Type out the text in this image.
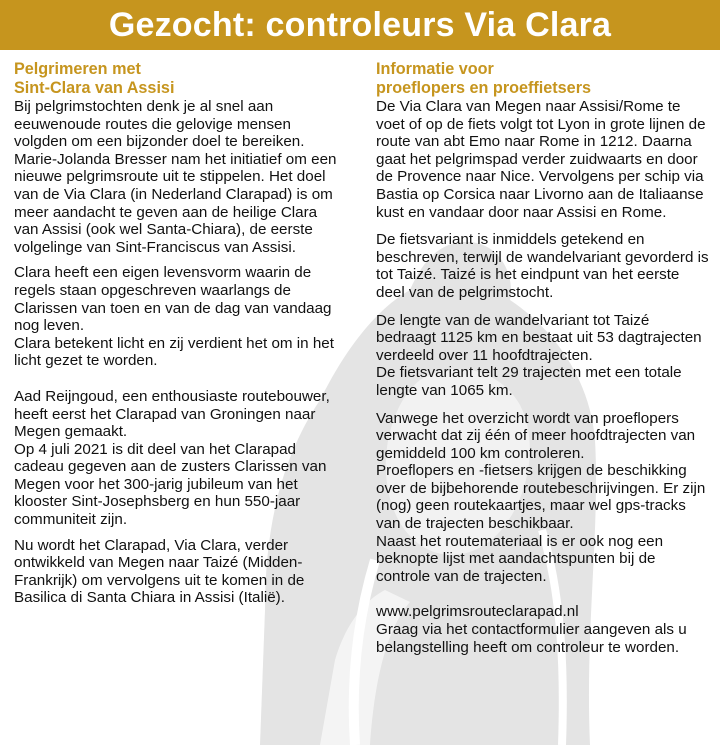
Gezocht: controleurs Via Clara
Pelgrimeren met
Sint-Clara van Assisi

Bij pelgrimstochten denk je al snel aan eeuwenoude routes die gelovige mensen volgden om een bijzonder doel te bereiken. Marie-Jolanda Bresser nam het initiatief om een nieuwe pelgrimsroute uit te stippelen. Het doel van de Via Clara (in Nederland Clarapad) is om meer aandacht te geven aan de heilige Clara van Assisi (ook wel Santa-Chiara), de eerste volgelinge van Sint-Franciscus van Assisi.

Clara heeft een eigen levensvorm waarin de regels staan opgeschreven waarlangs de Clarissen van toen en van de dag van vandaag nog leven.

Clara betekent licht en zij verdient het om in het licht gezet te worden.

Aad Reijngoud, een enthousiaste routebouwer, heeft eerst het Clarapad van Groningen naar Megen gemaakt.

Op 4 juli 2021 is dit deel van het Clarapad cadeau gegeven aan de zusters Clarissen van Megen voor het 300-jarig jubileum van het klooster Sint-Josephsberg en hun 550-jaar communiteit zijn.

Nu wordt het Clarapad, Via Clara, verder ontwikkeld van Megen naar Taizé (Midden-Frankrijk) om vervolgens uit te komen in de Basilica di Santa Chiara in Assisi (Italië).

Informatie voor
proeflopers en proeffietsers

De Via Clara van Megen naar Assisi/Rome te voet of op de fiets volgt tot Lyon in grote lijnen de route van abt Emo naar Rome in 1212. Daarna gaat het pelgrimspad verder zuidwaarts en door de Provence naar Nice. Vervolgens per schip via Bastia op Corsica naar Livorno aan de Italiaanse kust en vandaar door naar Assisi en Rome.

De fietsvariant is inmiddels getekend en beschreven, terwijl de wandelvariant gevorderd is tot Taizé. Taizé is het eindpunt van het eerste deel van de pelgrimstocht.

De lengte van de wandelvariant tot Taizé bedraagt 1125 km en bestaat uit 53 dagtrajecten verdeeld over 11 hoofdtrajecten.

De fietsvariant telt 29 trajecten met een totale lengte van 1065 km.

Vanwege het overzicht wordt van proeflopers verwacht dat zij één of meer hoofdtrajecten van gemiddeld 100 km controleren.

Proeflopers en -fietsers krijgen de beschikking over de bijbehorende routebeschrijvingen. Er zijn (nog) geen routekaartjes, maar wel gps-tracks van de trajecten beschikbaar.

Naast het routemateriaal is er ook nog een beknopte lijst met aandachtspunten bij de controle van de trajecten.

www.pelgrimsrouteclarapad.nl

Graag via het contactformulier aangeven als u belangstelling heeft om controleur te worden.
